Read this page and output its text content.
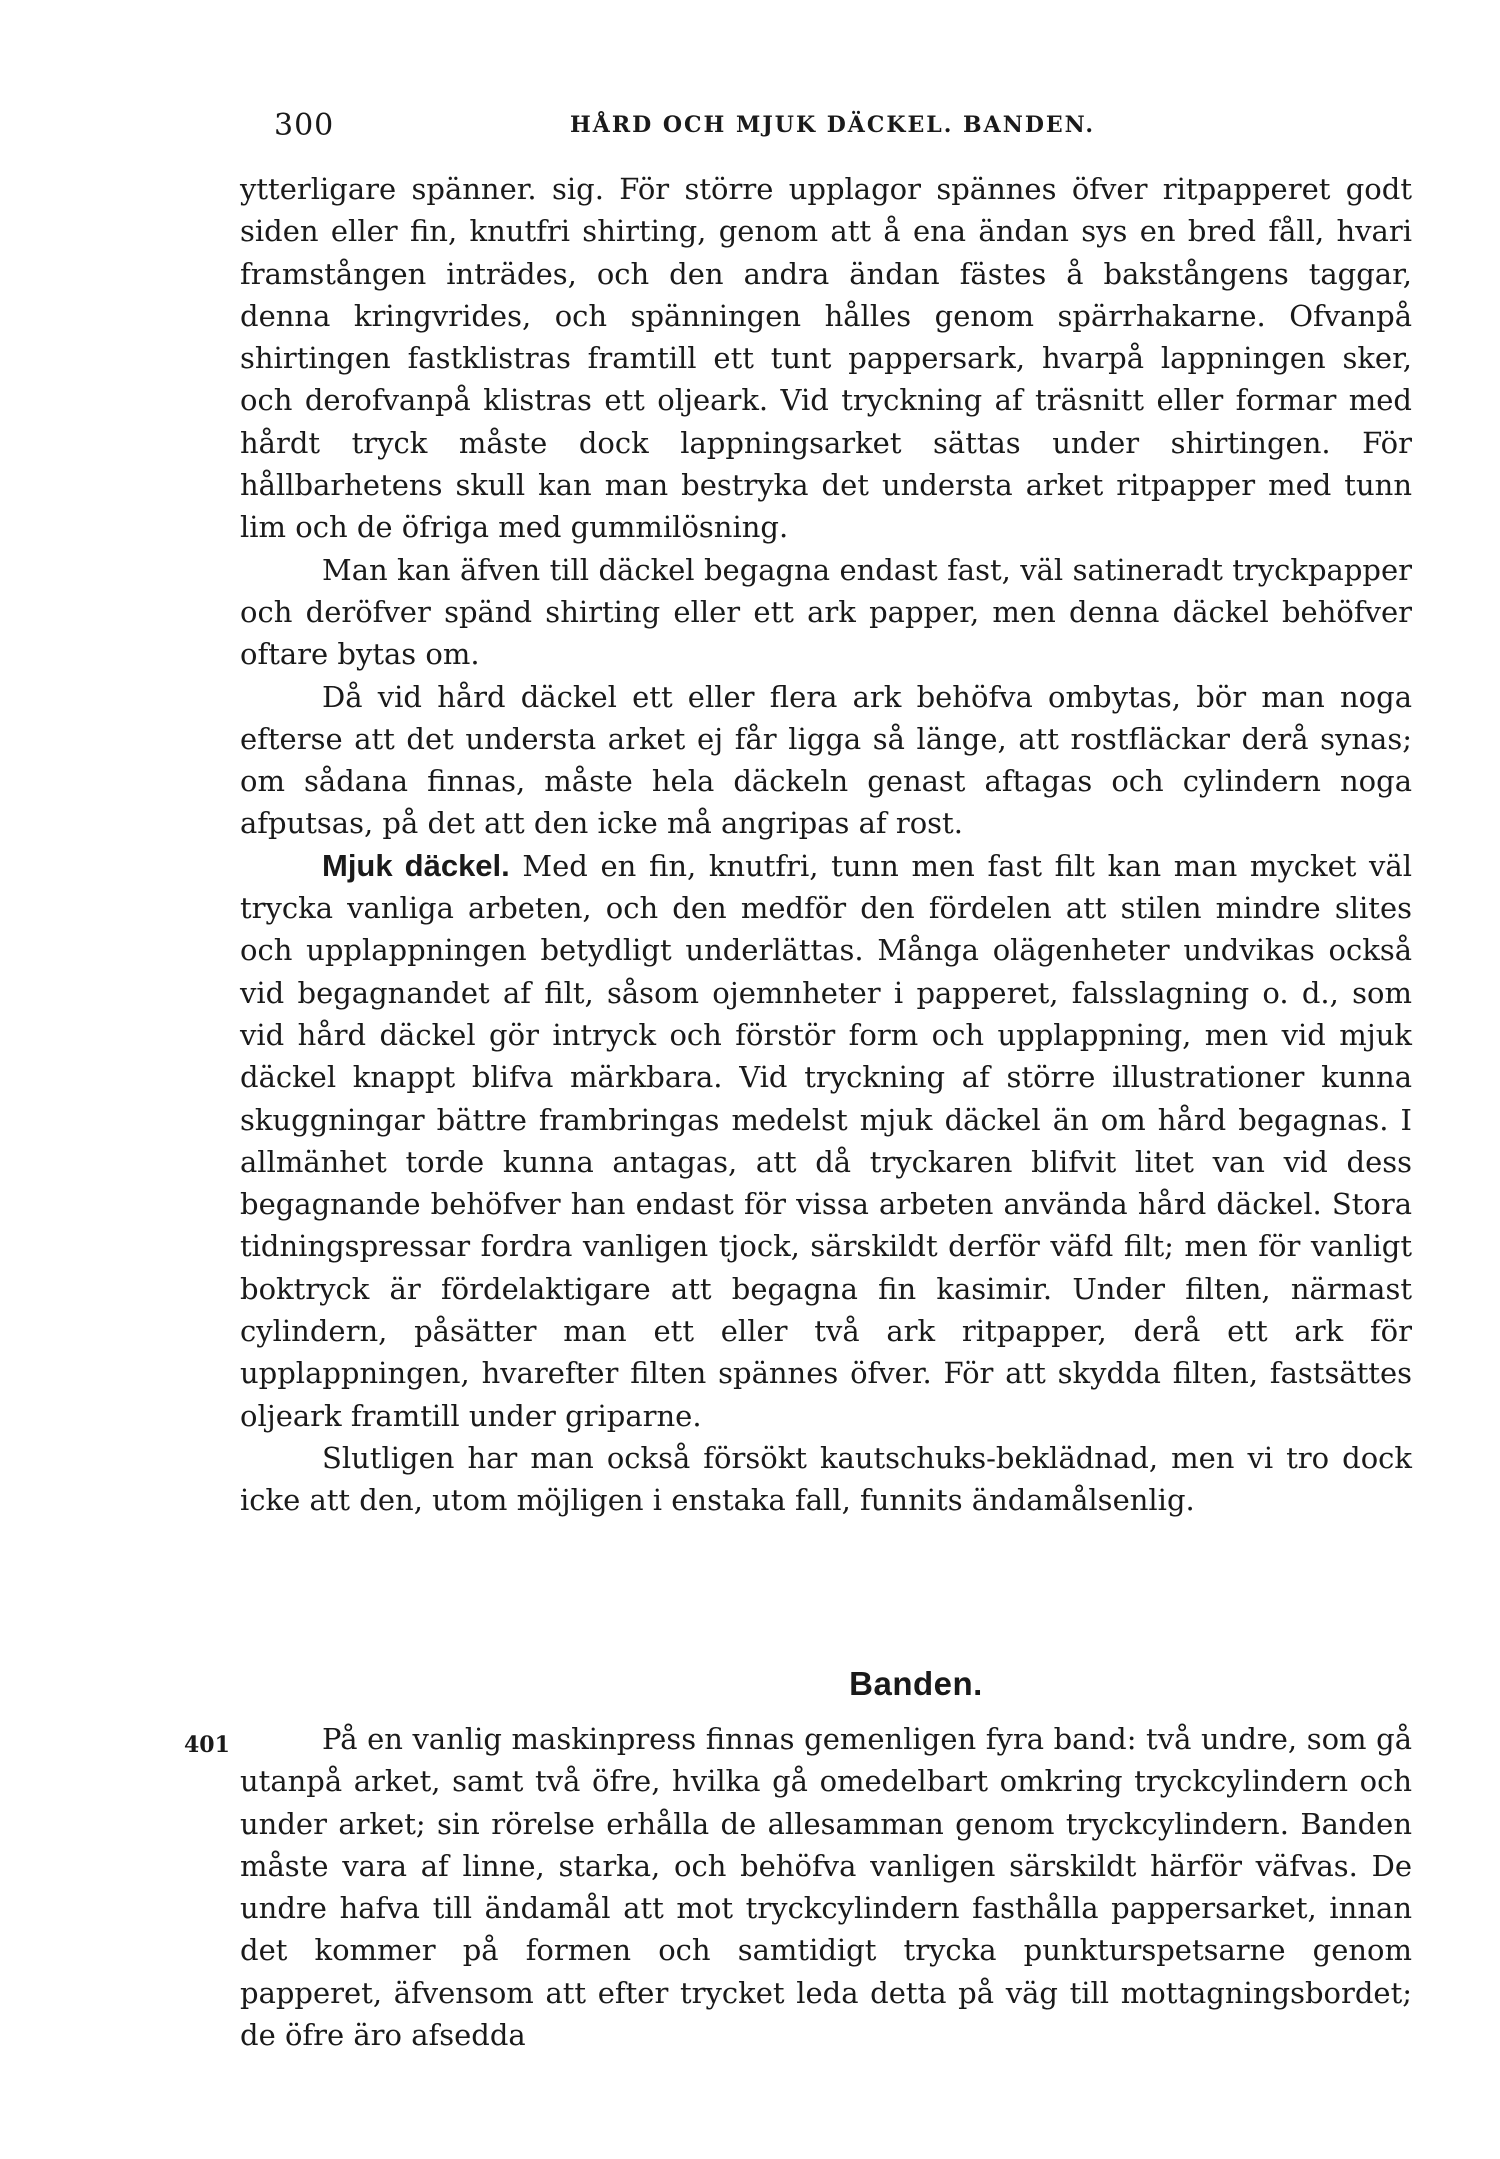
300	HÅRD OCH MJUK DÄCKEL. BANDEN.

ytterligare spänner. sig. För större upplagor spännes öfver ritpapperet godt siden eller fin, knutfri shirting, genom att å ena ändan sys en bred fåll, hvari framstången inträdes, och den andra ändan fästes å bakstångens taggar, denna kringvrides, och spänningen hålles genom spärrhakarne. Ofvanpå shirtingen fastklistras framtill ett tunt pappersark, hvarpå lappningen sker, och derofvanpå klistras ett oljeark. Vid tryckning af träsnitt eller formar med hårdt tryck måste dock lappningsarket sättas under shirtingen. För hållbarhetens skull kan man bestryka det understa arket ritpapper med tunn lim och de öfriga med gummilösning.

Man kan äfven till däckel begagna endast fast, väl satineradt tryckpapper och deröfver spänd shirting eller ett ark papper, men denna däckel behöfver oftare bytas om.

Då vid hård däckel ett eller flera ark behöfva ombytas, bör man noga efterse att det understa arket ej får ligga så länge, att rostfläckar derå synas; om sådana finnas, måste hela däckeln genast aftagas och cylindern noga afputsas, på det att den icke må angripas af rost.

Mjuk däckel. Med en fin, knutfri, tunn men fast filt kan man mycket väl trycka vanliga arbeten, och den medför den fördelen att stilen mindre slites och upplappningen betydligt underlättas. Många olägenheter undvikas också vid begagnandet af filt, såsom ojemnheter i papperet, falsslagning o. d., som vid hård däckel gör intryck och förstör form och upplappning, men vid mjuk däckel knappt blifva märkbara. Vid tryckning af större illustrationer kunna skuggningar bättre frambringas medelst mjuk däckel än om hård begagnas. I allmänhet torde kunna antagas, att då tryckaren blifvit litet van vid dess begagnande behöfver han endast för vissa arbeten använda hård däckel. Stora tidningspressar fordra vanligen tjock, särskildt derför väfd filt; men för vanligt boktryck är fördelaktigare att begagna fin kasimir. Under filten, närmast cylindern, påsätter man ett eller två ark ritpapper, derå ett ark för upplappningen, hvarefter filten spännes öfver. För att skydda filten, fastsättes oljeark framtill under griparne.

Slutligen har man också försökt kautschuks-beklädnad, men vi tro dock icke att den, utom möjligen i enstaka fall, funnits ändamålsenlig.

Banden.
401	På en vanlig maskinpress finnas gemenligen fyra band: två undre, som gå utanpå arket, samt två öfre, hvilka gå omedelbart omkring tryckcylindern och under arket; sin rörelse erhålla de allesamman genom tryckcylindern. Banden måste vara af linne, starka, och behöfva vanligen särskildt härför väfvas. De undre hafva till ändamål att mot tryckcylindern fasthålla pappersarket, innan det kommer på formen och samtidigt trycka punkturspetsarne genom papperet, äfvensom att efter trycket leda detta på väg till mottagningsbordet; de öfre äro afsedda
